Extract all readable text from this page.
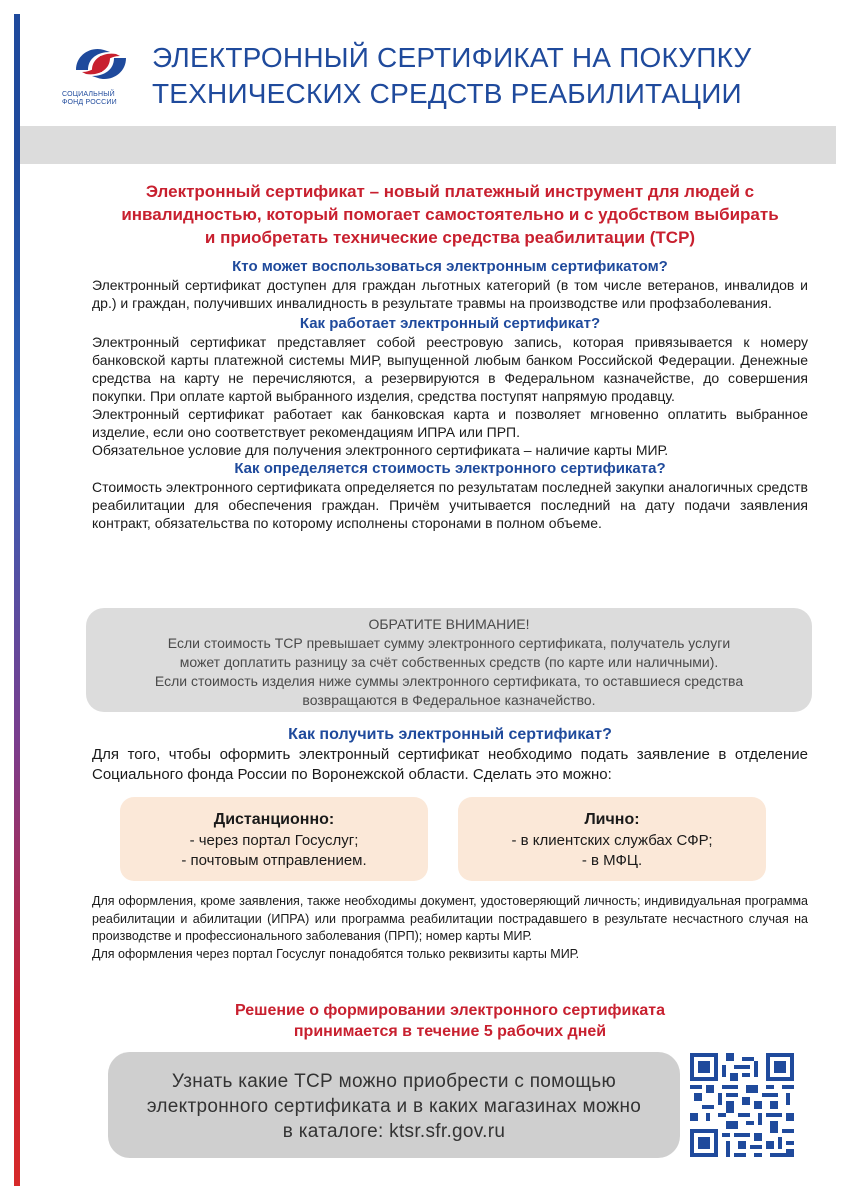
СОЦИАЛЬНЫЙ
ФОНД РОССИИ
ЭЛЕКТРОННЫЙ СЕРТИФИКАТ НА ПОКУПКУ
ТЕХНИЧЕСКИХ СРЕДСТВ РЕАБИЛИТАЦИИ
Электронный сертификат – новый платежный инструмент для людей с
инвалидностью, который помогает самостоятельно и с удобством выбирать
и приобретать технические средства реабилитации (ТСР)
Кто может воспользоваться электронным сертификатом?

Электронный сертификат доступен для граждан льготных категорий (в том числе ветеранов, инвалидов и др.) и граждан, получивших инвалидность в результате травмы на производстве или профзаболевания.

Как работает электронный сертификат?

Электронный сертификат представляет собой реестровую запись, которая привязывается к номеру банковской карты платежной системы МИР, выпущенной любым банком Российской Федерации. Денежные средства на карту не перечисляются, а резервируются в Федеральном казначействе, до совершения покупки. При оплате картой выбранного изделия, средства поступят напрямую продавцу.

Электронный сертификат работает как банковская карта и позволяет мгновенно оплатить выбранное изделие, если оно соответствует рекомендациям ИПРА или ПРП.

Обязательное условие для получения электронного сертификата – наличие карты МИР.

Как определяется стоимость электронного сертификата?

Стоимость электронного сертификата определяется по результатам последней закупки аналогичных средств реабилитации для обеспечения граждан. Причём учитывается последний на дату подачи заявления контракт, обязательства по которому исполнены сторонами в полном объеме.

ОБРАТИТЕ ВНИМАНИЕ!
Если стоимость ТСР превышает сумму электронного сертификата, получатель услуги
может доплатить разницу за счёт собственных средств (по карте или наличными).
Если стоимость изделия ниже суммы электронного сертификата, то оставшиеся средства
возвращаются в Федеральное казначейство.
Как получить электронный сертификат?

Для того, чтобы оформить электронный сертификат необходимо подать заявление в отделение Социального фонда России по Воронежской области. Сделать это можно:

Дистанционно:
- через портал Госуслуг;
- почтовым отправлением.
Лично:
- в клиентских службах СФР;
- в МФЦ.
Для оформления, кроме заявления, также необходимы документ, удостоверяющий личность; индивидуальная программа реабилитации и абилитации (ИПРА) или программа реабилитации пострадавшего в результате несчастного случая на производстве и профессионального заболевания (ПРП); номер карты МИР.
Для оформления через портал Госуслуг понадобятся только реквизиты карты МИР.
Решение о формировании электронного сертификата
принимается в течение 5 рабочих дней
Узнать какие ТСР можно приобрести с помощью
электронного сертификата и в каких магазинах можно
в каталоге: ktsr.sfr.gov.ru
